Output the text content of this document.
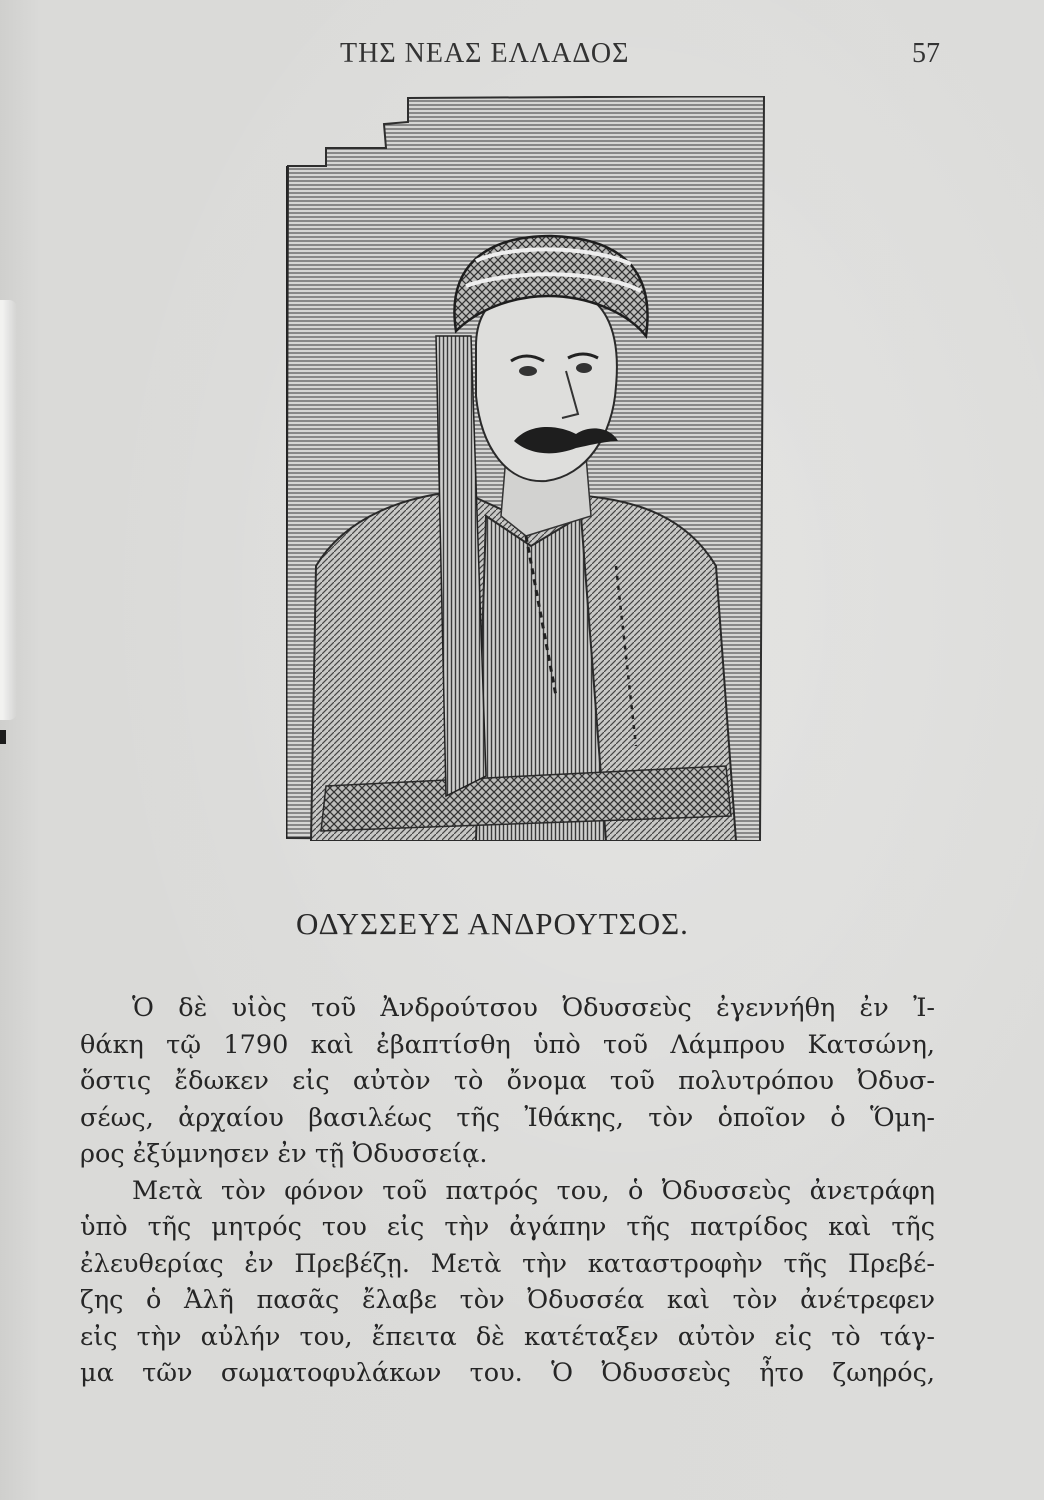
ΤΗΣ ΝΕΑΣ ΕΛΛΑΔΟΣ	57
ΟΔΥΣΣΕΥΣ ΑΝΔΡΟΥΤΣΟΣ.
Ὁ δὲ υἱὸς τοῦ Ἀνδρούτσου Ὀδυσσεὺς ἐγεννήθη ἐν Ἰ-
θάκη τῷ 1790 καὶ ἐβαπτίσθη ὑπὸ τοῦ Λάμπρου Κατσώνη,
ὅστις ἔδωκεν εἰς αὐτὸν τὸ ὄνομα τοῦ πολυτρόπου Ὀδυσ-
σέως, ἀρχαίου βασιλέως τῆς Ἰθάκης, τὸν ὁποῖον ὁ Ὅμη-
ρος ἐξύμνησεν ἐν τῇ Ὀδυσσείᾳ.
Μετὰ τὸν φόνον τοῦ πατρός του, ὁ Ὀδυσσεὺς ἀνετράφη
ὑπὸ τῆς μητρός του εἰς τὴν ἀγάπην τῆς πατρίδος καὶ τῆς
ἐλευθερίας ἐν Πρεβέζῃ. Μετὰ τὴν καταστροφὴν τῆς Πρεβέ-
ζης ὁ Ἀλῆ πασᾶς ἔλαβε τὸν Ὀδυσσέα καὶ τὸν ἀνέτρεφεν
εἰς τὴν αὐλήν του, ἔπειτα δὲ κατέταξεν αὐτὸν εἰς τὸ τάγ-
μα τῶν σωματοφυλάκων του. Ὁ Ὀδυσσεὺς ἦτο ζωηρός,
